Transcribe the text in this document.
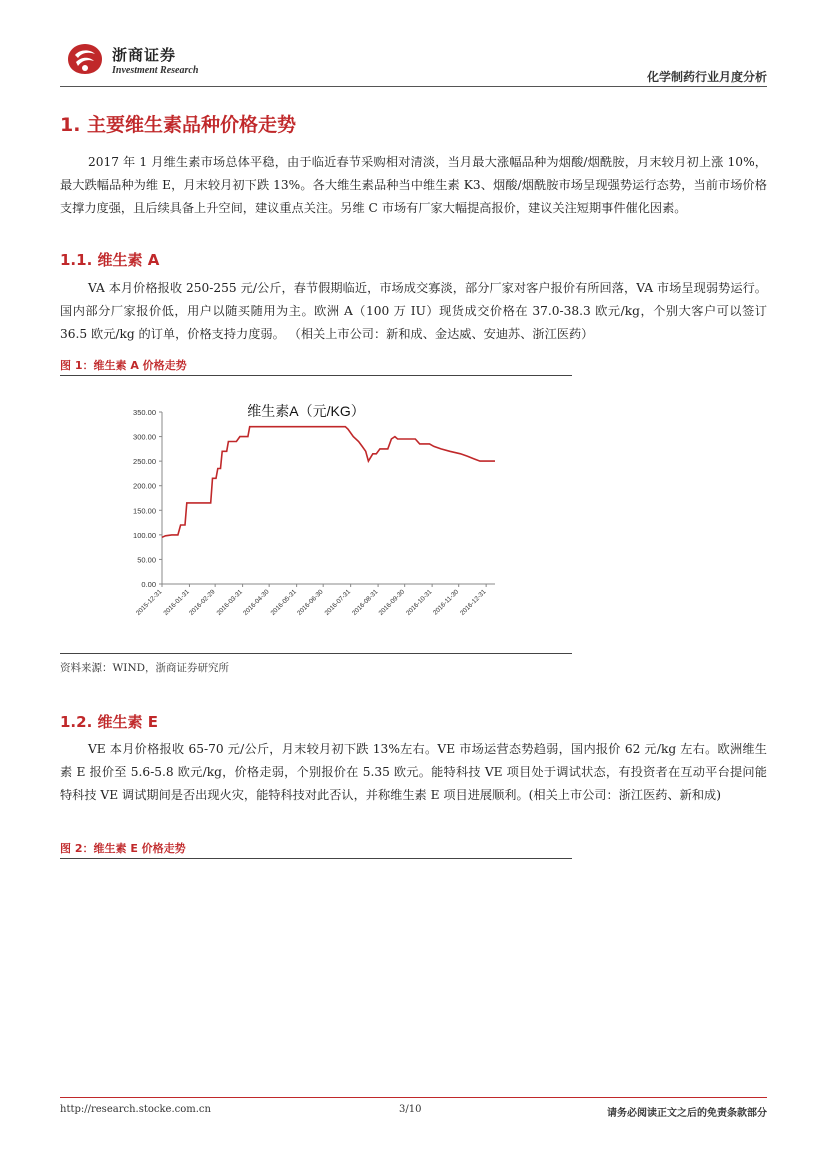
浙商证券
Investment Research	化学制药行业月度分析
1. 主要维生素品种价格走势
2017 年 1 月维生素市场总体平稳，由于临近春节采购相对清淡，当月最大涨幅品种为烟酸/烟酰胺，月末较月初上涨 10%，最大跌幅品种为维 E，月末较月初下跌 13%。各大维生素品种当中维生素 K3、烟酸/烟酰胺市场呈现强势运行态势，当前市场价格支撑力度强，且后续具备上升空间，建议重点关注。另维 C 市场有厂家大幅提高报价，建议关注短期事件催化因素。
1.1. 维生素 A
VA 本月价格报收 250-255 元/公斤，春节假期临近，市场成交寡淡，部分厂家对客户报价有所回落，VA 市场呈现弱势运行。国内部分厂家报价低，用户以随买随用为主。欧洲 A（100 万 IU）现货成交价格在 37.0-38.3 欧元/kg，个别大客户可以签订 36.5 欧元/kg 的订单，价格支持力度弱。 （相关上市公司：新和成、金达威、安迪苏、浙江医药）
图 1：维生素 A 价格走势
维生素A（元/KG）
0.00
50.00
100.00
150.00
200.00
250.00
300.00
350.00
2015-12-31
2016-01-31
2016-02-29
2016-03-31
2016-04-30
2016-05-31
2016-06-30
2016-07-31
2016-08-31
2016-09-30
2016-10-31
2016-11-30
2016-12-31
资料来源：WIND，浙商证券研究所
1.2. 维生素 E
VE 本月价格报收 65-70 元/公斤，月末较月初下跌 13%左右。VE 市场运营态势趋弱，国内报价 62 元/kg 左右。欧洲维生素 E 报价至 5.6-5.8 欧元/kg，价格走弱，个别报价在 5.35 欧元。能特科技 VE 项目处于调试状态，有投资者在互动平台提问能特科技 VE 调试期间是否出现火灾，能特科技对此否认，并称维生素 E 项目进展顺利。(相关上市公司：浙江医药、新和成)
图 2：维生素 E 价格走势
http://research.stocke.com.cn	3/10	请务必阅读正文之后的免责条款部分
